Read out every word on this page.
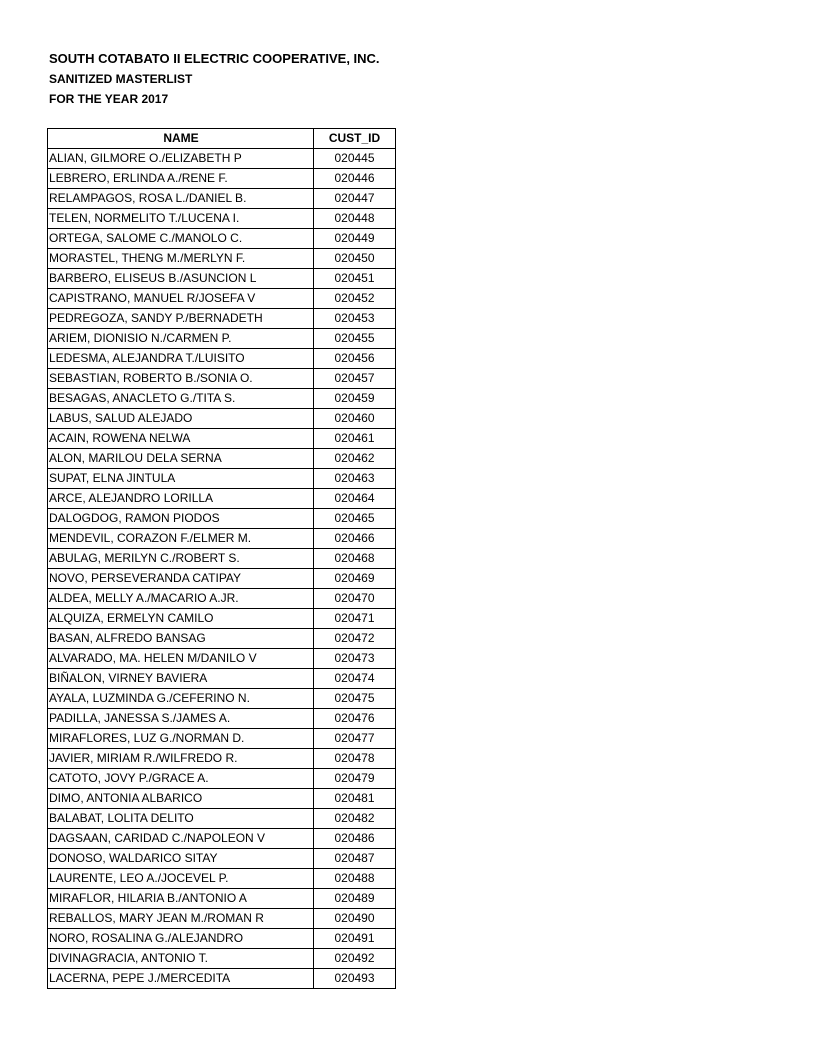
SOUTH COTABATO II ELECTRIC COOPERATIVE, INC.

SANITIZED MASTERLIST

FOR THE YEAR 2017

NAME	CUST_ID
ALIAN, GILMORE O./ELIZABETH P	020445
LEBRERO, ERLINDA A./RENE F.	020446
RELAMPAGOS, ROSA L./DANIEL B.	020447
TELEN, NORMELITO T./LUCENA I.	020448
ORTEGA, SALOME C./MANOLO C.	020449
MORASTEL, THENG M./MERLYN F.	020450
BARBERO, ELISEUS B./ASUNCION L	020451
CAPISTRANO, MANUEL R/JOSEFA V	020452
PEDREGOZA, SANDY P./BERNADETH	020453
ARIEM, DIONISIO N./CARMEN P.	020455
LEDESMA, ALEJANDRA T./LUISITO	020456
SEBASTIAN, ROBERTO B./SONIA O.	020457
BESAGAS, ANACLETO G./TITA S.	020459
LABUS, SALUD ALEJADO	020460
ACAIN, ROWENA NELWA	020461
ALON, MARILOU DELA SERNA	020462
SUPAT, ELNA JINTULA	020463
ARCE, ALEJANDRO LORILLA	020464
DALOGDOG, RAMON PIODOS	020465
MENDEVIL, CORAZON F./ELMER M.	020466
ABULAG, MERILYN C./ROBERT S.	020468
NOVO, PERSEVERANDA CATIPAY	020469
ALDEA, MELLY A./MACARIO A.JR.	020470
ALQUIZA, ERMELYN CAMILO	020471
BASAN, ALFREDO BANSAG	020472
ALVARADO, MA. HELEN M/DANILO V	020473
BIÑALON, VIRNEY BAVIERA	020474
AYALA, LUZMINDA G./CEFERINO N.	020475
PADILLA, JANESSA S./JAMES A.	020476
MIRAFLORES, LUZ G./NORMAN D.	020477
JAVIER, MIRIAM R./WILFREDO R.	020478
CATOTO, JOVY P./GRACE A.	020479
DIMO, ANTONIA ALBARICO	020481
BALABAT, LOLITA DELITO	020482
DAGSAAN, CARIDAD C./NAPOLEON V	020486
DONOSO, WALDARICO SITAY	020487
LAURENTE, LEO A./JOCEVEL P.	020488
MIRAFLOR, HILARIA B./ANTONIO A	020489
REBALLOS, MARY JEAN M./ROMAN R	020490
NORO, ROSALINA G./ALEJANDRO	020491
DIVINAGRACIA, ANTONIO T.	020492
LACERNA, PEPE J./MERCEDITA	020493
